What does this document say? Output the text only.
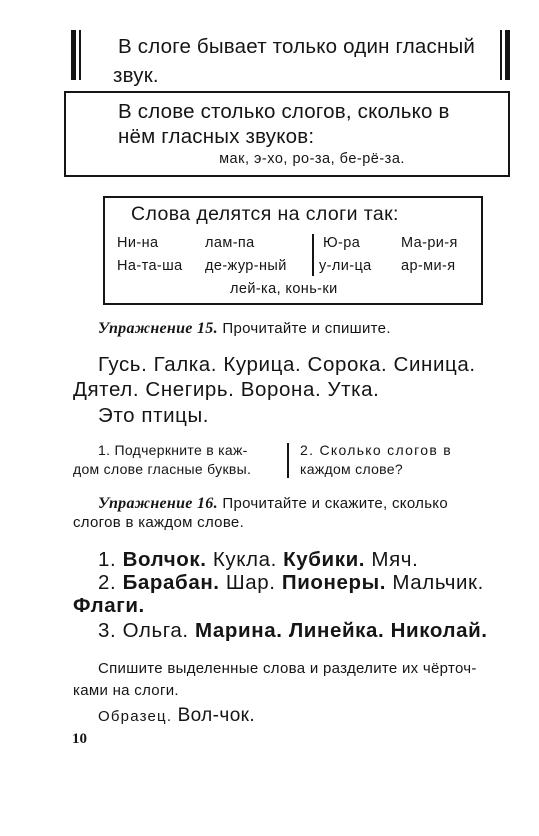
В слоге бывает только один гласный
звук.
В слове столько слогов, сколько в
нём гласных звуков:
мак, э-хо, ро-за, бе-рё-за.
Слова делятся на слоги так:
Ни-на	лам-па
На-та-ша де-жур-ный
Ю-ра	Ма-ри-я
у-ли-ца ар-ми-я
лей-ка, конь-ки
Упражнение 15. Прочитайте и спишите.
Гусь. Галка. Курица. Сорока. Синица.
Дятел. Снегирь. Ворона. Утка.
Это птицы.
1. Подчеркните в каж-
дом слове гласные буквы.
2. Сколько слогов в
каждом слове?
Упражнение 16. Прочитайте и скажите, сколько
слогов в каждом слове.
1. Волчок. Кукла. Кубики. Мяч.
2. Барабан. Шар. Пионеры. Мальчик.
Флаги.
3. Ольга. Марина. Линейка. Николай.
Спишите выделенные слова и разделите их чёрточ-
ками на слоги.
Образец. Вол-чок.
10
